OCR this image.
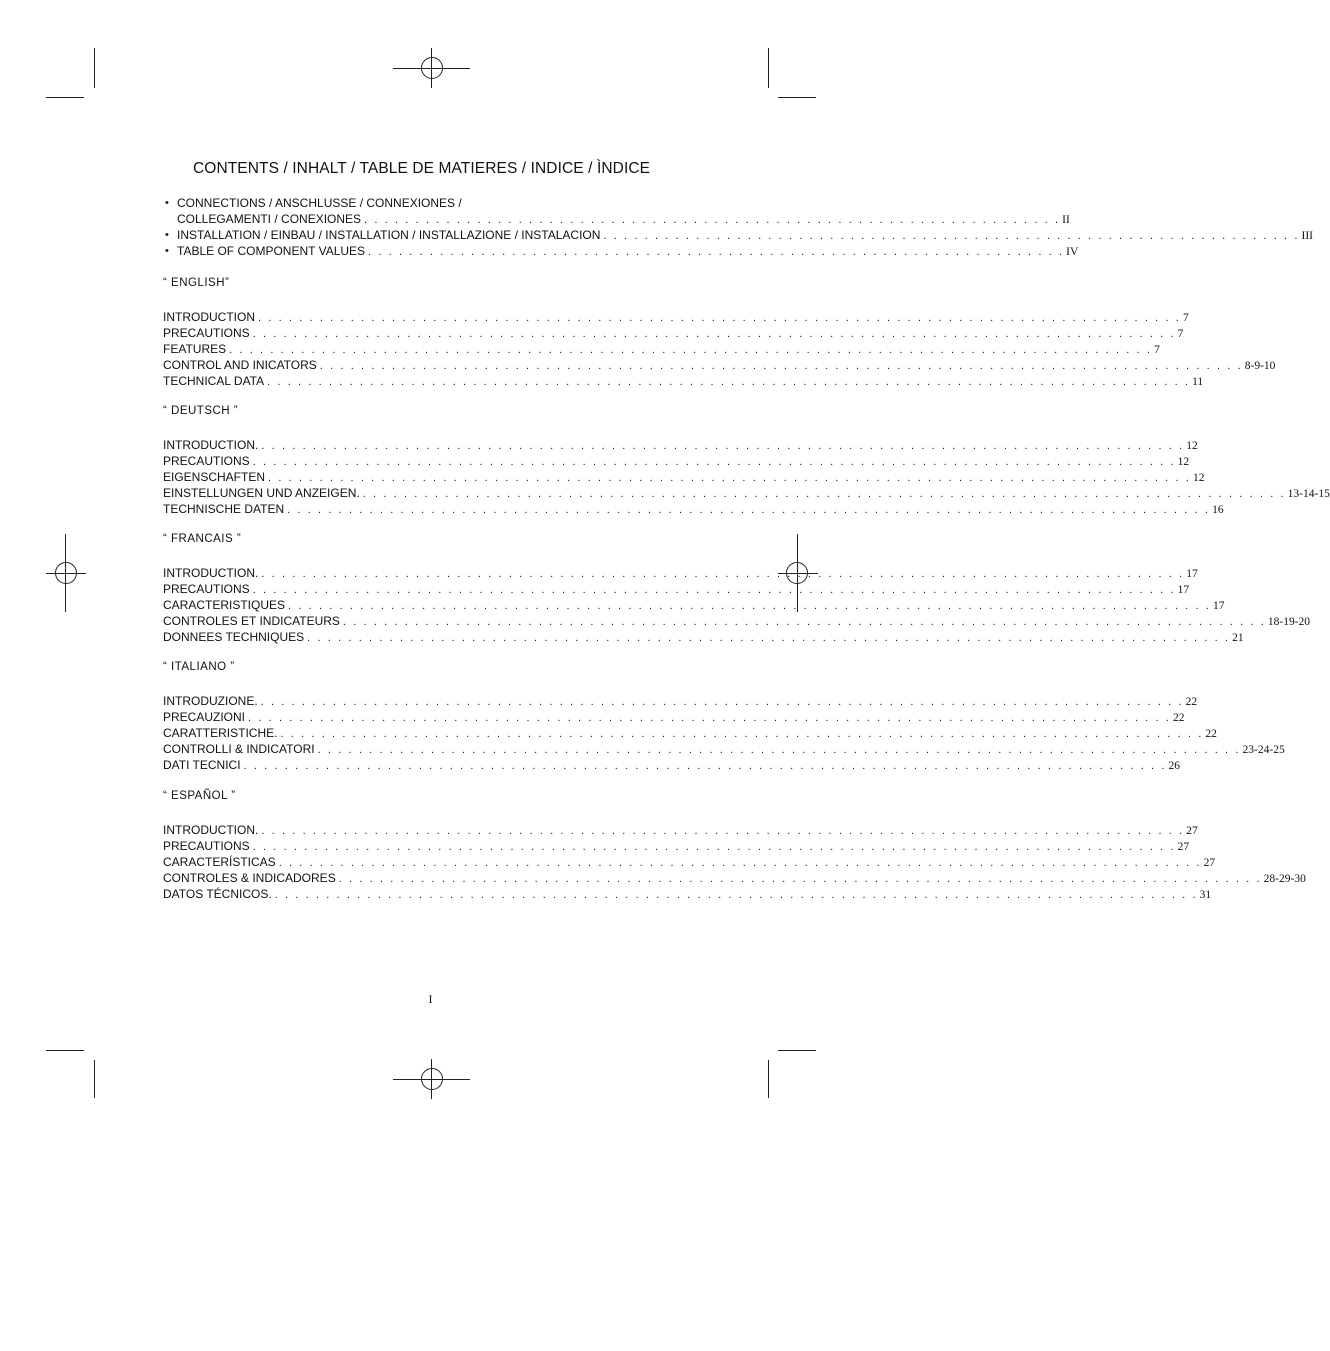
CONTENTS / INHALT / TABLE DE MATIERES / INDICE / ÌNDICE
• CONNECTIONS / ANSCHLUSSE / CONNEXIONES /
COLLEGAMENTI / CONEXIONES . . . . . . . . . . . . . . . . . . . . . . . . . . . . . . . . . . . . . . . . . . . . . . . . . . . . . . . . . . . . . . . . . . . . II
• INSTALLATION / EINBAU / INSTALLATION / INSTALLAZIONE / INSTALACION . . . . . . . . . . . . . . . . . . . . . . . . . . . . . . . . . . . . . . . . . . . . . . . . . . . . . . . . . . . . . . . . . . . . III
• TABLE OF COMPONENT VALUES . . . . . . . . . . . . . . . . . . . . . . . . . . . . . . . . . . . . . . . . . . . . . . . . . . . . . . . . . . . . . . . . . . . . IV
“ ENGLISH”
INTRODUCTION . . . . . . . . . . . . . . . . . . . . . . . . . . . . . . . . . . . . . . . . . . . . . . . . . . . . . . . . . . . . . . . . . . . . . . . . . . . . . . . . . . . . . . . . . . 7
PRECAUTIONS . . . . . . . . . . . . . . . . . . . . . . . . . . . . . . . . . . . . . . . . . . . . . . . . . . . . . . . . . . . . . . . . . . . . . . . . . . . . . . . . . . . . . . . . . . 7
FEATURES . . . . . . . . . . . . . . . . . . . . . . . . . . . . . . . . . . . . . . . . . . . . . . . . . . . . . . . . . . . . . . . . . . . . . . . . . . . . . . . . . . . . . . . . . . 7
CONTROL AND INICATORS . . . . . . . . . . . . . . . . . . . . . . . . . . . . . . . . . . . . . . . . . . . . . . . . . . . . . . . . . . . . . . . . . . . . . . . . . . . . . . . . . . . . . . . . . . 8-9-10
TECHNICAL DATA . . . . . . . . . . . . . . . . . . . . . . . . . . . . . . . . . . . . . . . . . . . . . . . . . . . . . . . . . . . . . . . . . . . . . . . . . . . . . . . . . . . . . . . . . . 11
“ DEUTSCH ”
INTRODUCTION. . . . . . . . . . . . . . . . . . . . . . . . . . . . . . . . . . . . . . . . . . . . . . . . . . . . . . . . . . . . . . . . . . . . . . . . . . . . . . . . . . . . . . . . . . . 12
PRECAUTIONS . . . . . . . . . . . . . . . . . . . . . . . . . . . . . . . . . . . . . . . . . . . . . . . . . . . . . . . . . . . . . . . . . . . . . . . . . . . . . . . . . . . . . . . . . . 12
EIGENSCHAFTEN . . . . . . . . . . . . . . . . . . . . . . . . . . . . . . . . . . . . . . . . . . . . . . . . . . . . . . . . . . . . . . . . . . . . . . . . . . . . . . . . . . . . . . . . . . 12
EINSTELLUNGEN UND ANZEIGEN. . . . . . . . . . . . . . . . . . . . . . . . . . . . . . . . . . . . . . . . . . . . . . . . . . . . . . . . . . . . . . . . . . . . . . . . . . . . . . . . . . . . . . . . . . . 13-14-15
TECHNISCHE DATEN . . . . . . . . . . . . . . . . . . . . . . . . . . . . . . . . . . . . . . . . . . . . . . . . . . . . . . . . . . . . . . . . . . . . . . . . . . . . . . . . . . . . . . . . . . 16
“ FRANCAIS ”
INTRODUCTION. . . . . . . . . . . . . . . . . . . . . . . . . . . . . . . . . . . . . . . . . . . . . . . . . . . . . . . . . . . . . . . . . . . . . . . . . . . . . . . . . . . . . . . . . . . 17
PRECAUTIONS . . . . . . . . . . . . . . . . . . . . . . . . . . . . . . . . . . . . . . . . . . . . . . . . . . . . . . . . . . . . . . . . . . . . . . . . . . . . . . . . . . . . . . . . . . 17
CARACTERISTIQUES . . . . . . . . . . . . . . . . . . . . . . . . . . . . . . . . . . . . . . . . . . . . . . . . . . . . . . . . . . . . . . . . . . . . . . . . . . . . . . . . . . . . . . . . . . 17
CONTROLES ET INDICATEURS . . . . . . . . . . . . . . . . . . . . . . . . . . . . . . . . . . . . . . . . . . . . . . . . . . . . . . . . . . . . . . . . . . . . . . . . . . . . . . . . . . . . . . . . . . 18-19-20
DONNEES TECHNIQUES . . . . . . . . . . . . . . . . . . . . . . . . . . . . . . . . . . . . . . . . . . . . . . . . . . . . . . . . . . . . . . . . . . . . . . . . . . . . . . . . . . . . . . . . . . 21
“ ITALIANO ”
INTRODUZIONE. . . . . . . . . . . . . . . . . . . . . . . . . . . . . . . . . . . . . . . . . . . . . . . . . . . . . . . . . . . . . . . . . . . . . . . . . . . . . . . . . . . . . . . . . . . 22
PRECAUZIONI . . . . . . . . . . . . . . . . . . . . . . . . . . . . . . . . . . . . . . . . . . . . . . . . . . . . . . . . . . . . . . . . . . . . . . . . . . . . . . . . . . . . . . . . . . 22
CARATTERISTICHE. . . . . . . . . . . . . . . . . . . . . . . . . . . . . . . . . . . . . . . . . . . . . . . . . . . . . . . . . . . . . . . . . . . . . . . . . . . . . . . . . . . . . . . . . . . 22
CONTROLLI & INDICATORI . . . . . . . . . . . . . . . . . . . . . . . . . . . . . . . . . . . . . . . . . . . . . . . . . . . . . . . . . . . . . . . . . . . . . . . . . . . . . . . . . . . . . . . . . . 23-24-25
DATI TECNICI . . . . . . . . . . . . . . . . . . . . . . . . . . . . . . . . . . . . . . . . . . . . . . . . . . . . . . . . . . . . . . . . . . . . . . . . . . . . . . . . . . . . . . . . . . 26
“ ESPAÑOL ”
INTRODUCTION. . . . . . . . . . . . . . . . . . . . . . . . . . . . . . . . . . . . . . . . . . . . . . . . . . . . . . . . . . . . . . . . . . . . . . . . . . . . . . . . . . . . . . . . . . . 27
PRECAUTIONS . . . . . . . . . . . . . . . . . . . . . . . . . . . . . . . . . . . . . . . . . . . . . . . . . . . . . . . . . . . . . . . . . . . . . . . . . . . . . . . . . . . . . . . . . . 27
CARACTERÍSTICAS . . . . . . . . . . . . . . . . . . . . . . . . . . . . . . . . . . . . . . . . . . . . . . . . . . . . . . . . . . . . . . . . . . . . . . . . . . . . . . . . . . . . . . . . . . 27
CONTROLES & INDICADORES . . . . . . . . . . . . . . . . . . . . . . . . . . . . . . . . . . . . . . . . . . . . . . . . . . . . . . . . . . . . . . . . . . . . . . . . . . . . . . . . . . . . . . . . . . 28-29-30
DATOS TÉCNICOS. . . . . . . . . . . . . . . . . . . . . . . . . . . . . . . . . . . . . . . . . . . . . . . . . . . . . . . . . . . . . . . . . . . . . . . . . . . . . . . . . . . . . . . . . . . 31
I
